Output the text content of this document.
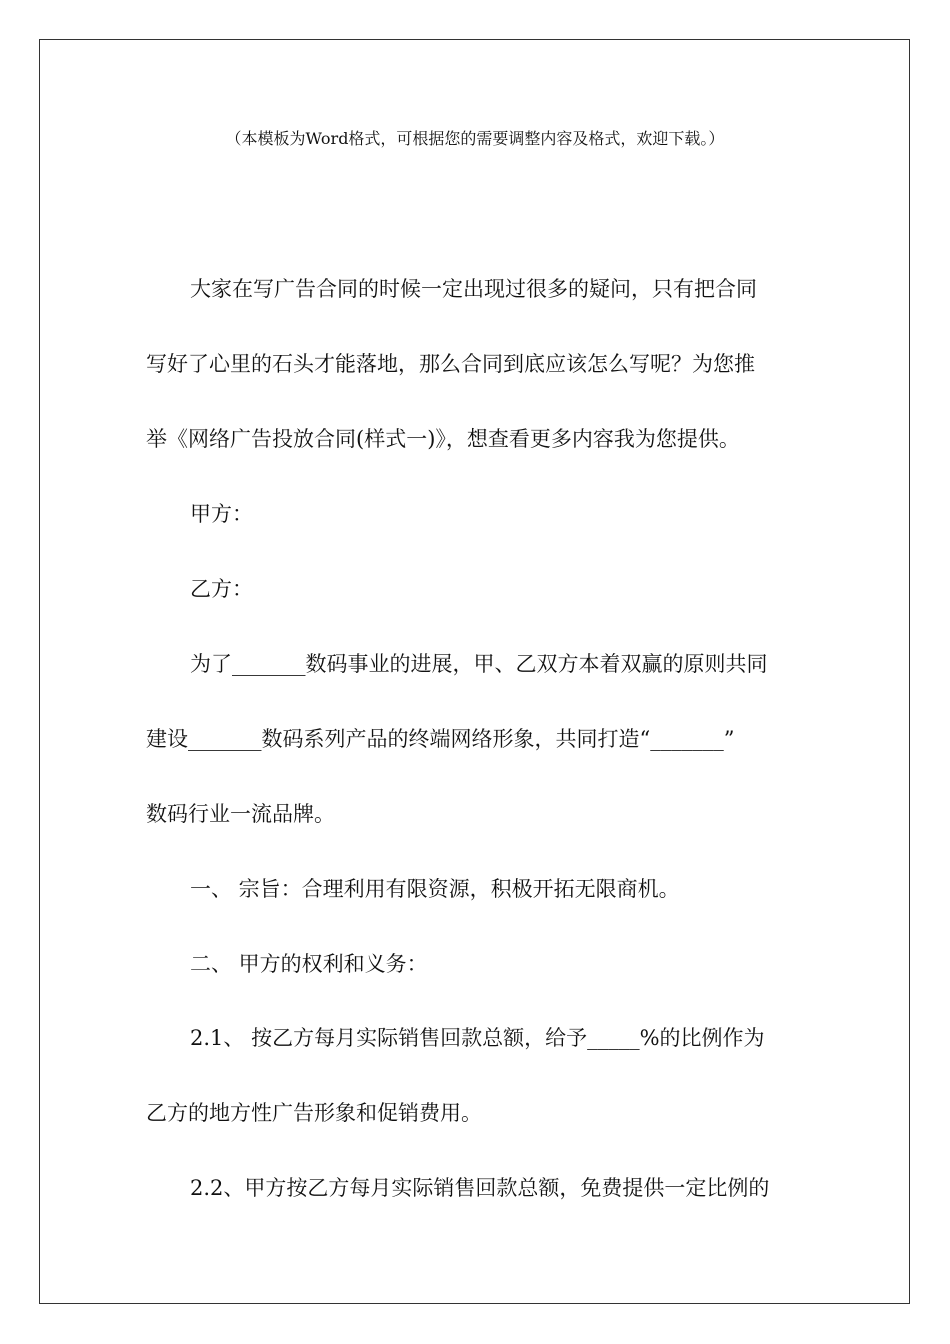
（本模板为Word格式，可根据您的需要调整内容及格式，欢迎下载。）
大家在写广告合同的时候一定出现过很多的疑问，只有把合同
写好了心里的石头才能落地，那么合同到底应该怎么写呢？为您推
举《网络广告投放合同(样式一)》，想查看更多内容我为您提供。
甲方：
乙方：
为了_______数码事业的进展，甲、乙双方本着双赢的原则共同
建设_______数码系列产品的终端网络形象，共同打造“_______”
数码行业一流品牌。
一、 宗旨：合理利用有限资源，积极开拓无限商机。
二、 甲方的权利和义务：
2.1、 按乙方每月实际销售回款总额，给予_____%的比例作为
乙方的地方性广告形象和促销费用。
2.2、甲方按乙方每月实际销售回款总额，免费提供一定比例的
